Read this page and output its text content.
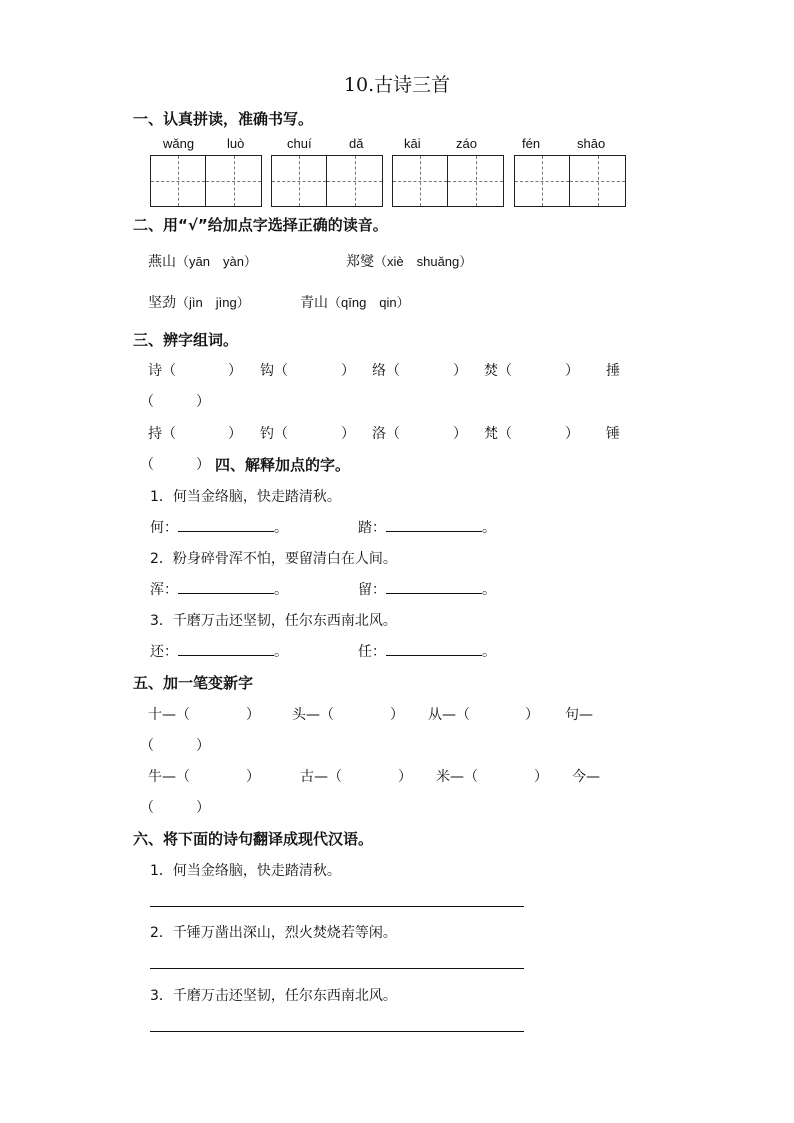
10.古诗三首
一、认真拼读，准确书写。
wǎng	luò	chuí	dǎ	kāi	záo	fén	shāo
二、用“√”给加点字选择正确的读音。
燕山（yān　yàn）	郑燮（xiè　shuǎng）
坚劲（jìn　jìng）	青山（qīng　qin）
三、辨字组词。
诗（	） 钩（	） 络（	） 焚（	） 捶
（　　　）
持（	） 钓（	） 洛（	） 梵（	） 锤
（　　　） 四、解释加点的字。
1．何当金络脑，快走踏清秋。
何：	。	踏：	。
2．粉身碎骨浑不怕，要留清白在人间。
浑：	。	留：	。
3．千磨万击还坚韧，任尔东西南北风。
还：	。	任：	。
五、加一笔变新字
十—（	） 头—（	） 从—（	） 句—
（　　　）
牛—（	）	古—（	） 米—（	） 今—
（　　　）
六、将下面的诗句翻译成现代汉语。
1．何当金络脑，快走踏清秋。
2．千锤万凿出深山，烈火焚烧若等闲。
3．千磨万击还坚韧，任尔东西南北风。
